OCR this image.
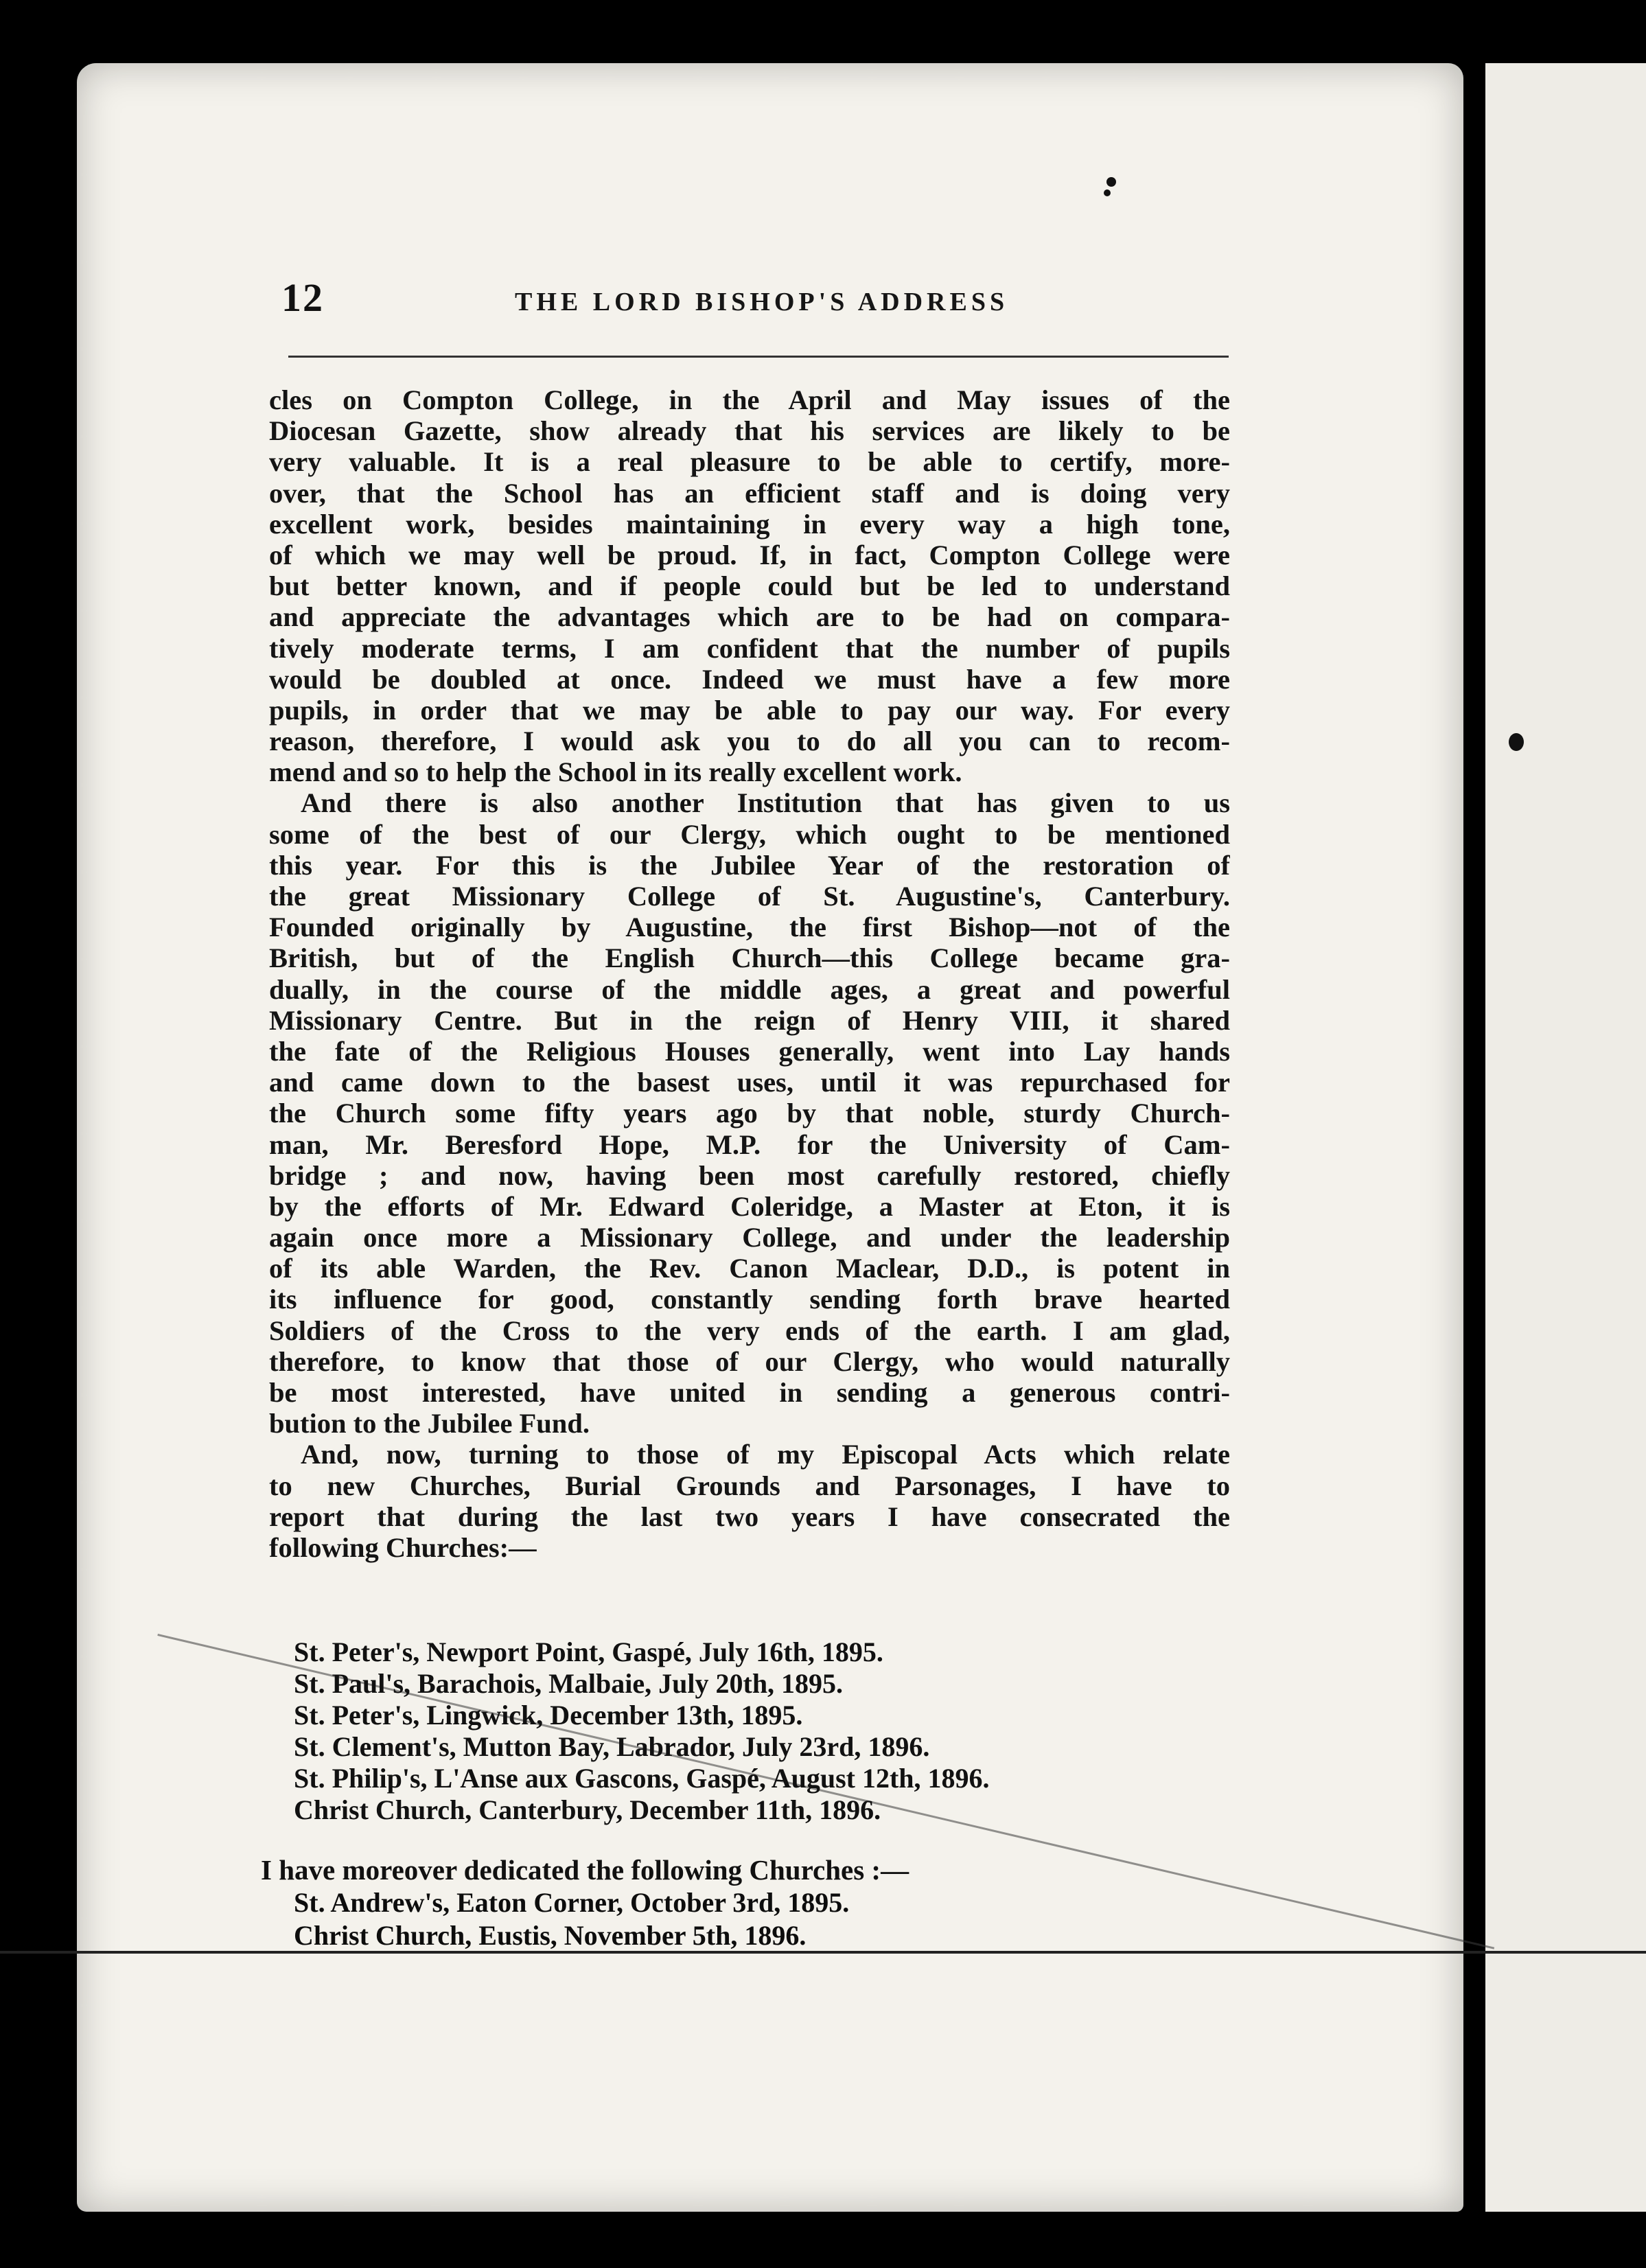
12	THE LORD BISHOP'S ADDRESS
cles on Compton College, in the April and May issues of the
Diocesan Gazette, show already that his services are likely to be
very valuable. It is a real pleasure to be able to certify, more-
over, that the School has an efficient staff and is doing very
excellent work, besides maintaining in every way a high tone,
of which we may well be proud. If, in fact, Compton College were
but better known, and if people could but be led to understand
and appreciate the advantages which are to be had on compara-
tively moderate terms, I am confident that the number of pupils
would be doubled at once. Indeed we must have a few more
pupils, in order that we may be able to pay our way. For every
reason, therefore, I would ask you to do all you can to recom-
mend and so to help the School in its really excellent work.
And there is also another Institution that has given to us
some of the best of our Clergy, which ought to be mentioned
this year. For this is the Jubilee Year of the restoration of
the great Missionary College of St. Augustine's, Canterbury.
Founded originally by Augustine, the first Bishop—not of the
British, but of the English Church—this College became gra-
dually, in the course of the middle ages, a great and powerful
Missionary Centre. But in the reign of Henry VIII, it shared
the fate of the Religious Houses generally, went into Lay hands
and came down to the basest uses, until it was repurchased for
the Church some fifty years ago by that noble, sturdy Church-
man, Mr. Beresford Hope, M.P. for the University of Cam-
bridge ; and now, having been most carefully restored, chiefly
by the efforts of Mr. Edward Coleridge, a Master at Eton, it is
again once more a Missionary College, and under the leadership
of its able Warden, the Rev. Canon Maclear, D.D., is potent in
its influence for good, constantly sending forth brave hearted
Soldiers of the Cross to the very ends of the earth. I am glad,
therefore, to know that those of our Clergy, who would naturally
be most interested, have united in sending a generous contri-
bution to the Jubilee Fund.
And, now, turning to those of my Episcopal Acts which relate
to new Churches, Burial Grounds and Parsonages, I have to
report that during the last two years I have consecrated the
following Churches:—
St. Peter's, Newport Point, Gaspé, July 16th, 1895.
St. Paul's, Barachois, Malbaie, July 20th, 1895.
St. Peter's, Lingwick, December 13th, 1895.
St. Clement's, Mutton Bay, Labrador, July 23rd, 1896.
St. Philip's, L'Anse aux Gascons, Gaspé, August 12th, 1896.
Christ Church, Canterbury, December 11th, 1896.
I have moreover dedicated the following Churches :—
St. Andrew's, Eaton Corner, October 3rd, 1895.
Christ Church, Eustis, November 5th, 1896.
